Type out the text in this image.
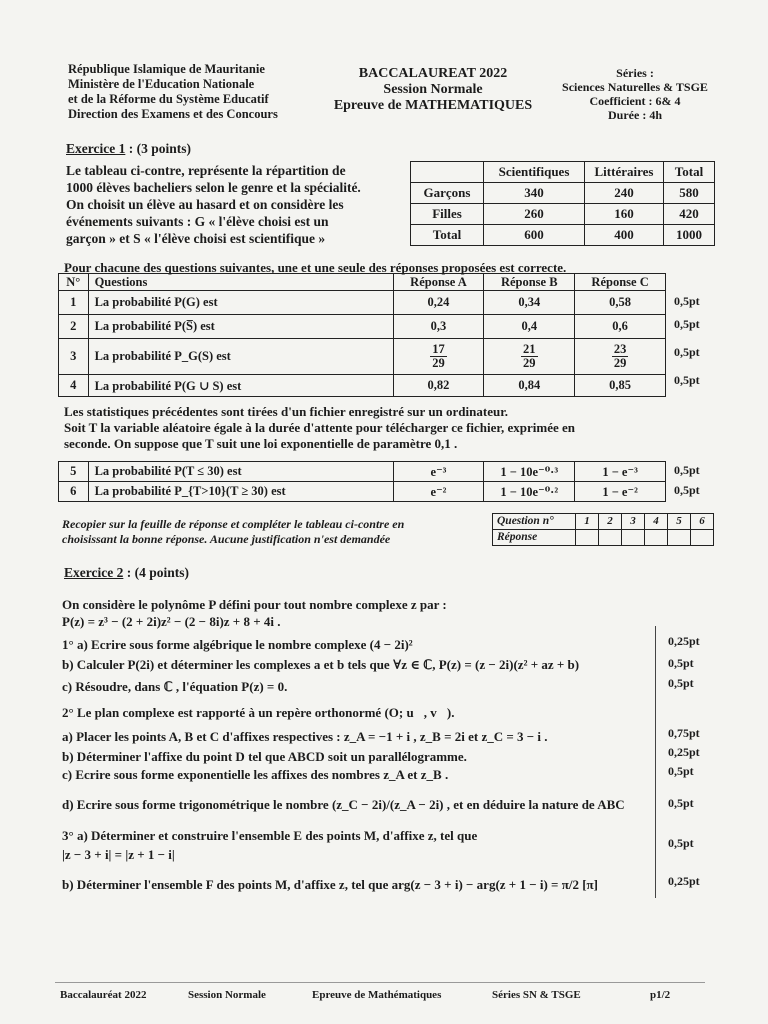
République Islamique de Mauritanie
Ministère de l'Education Nationale
et de la Réforme du Système Educatif
Direction des Examens et des Concours
BACCALAUREAT 2022
Session Normale
Epreuve de MATHEMATIQUES
Séries :
Sciences Naturelles & TSGE
Coefficient : 6& 4
Durée : 4h
Exercice 1 : (3 points)
Le tableau ci-contre, représente la répartition de
1000 élèves bacheliers selon le genre et la spécialité.
On choisit un élève au hasard et on considère les
événements suivants : G « l'élève choisi est un
garçon » et S « l'élève choisi est scientifique »
	Scientifiques	Littéraires	Total
Garçons	340	240	580
Filles	260	160	420
Total	600	400	1000
Pour chacune des questions suivantes, une et une seule des réponses proposées est correcte.
N°	Questions	Réponse A	Réponse B	Réponse C
1	La probabilité P(G) est	0,24	0,34	0,58
2	La probabilité P(S̅) est	0,3	0,4	0,6
3	La probabilité P_G(S) est	$\frac{17}{29}$	$\frac{21}{29}$	$\frac{23}{29}$

4	La probabilité P(G ∪ S) est	0,82	0,84	0,85
0,5pt
0,5pt
0,5pt
0,5pt
Les statistiques précédentes sont tirées d'un fichier enregistré sur un ordinateur.
Soit T la variable aléatoire égale à la durée d'attente pour télécharger ce fichier, exprimée en
seconde. On suppose que T suit une loi exponentielle de paramètre 0,1 .
5	La probabilité P(T ≤ 30) est	e⁻³	1 − 10e⁻⁰·³	1 − e⁻³
6	La probabilité P_{T>10}(T ≥ 30) est	e⁻²	1 − 10e⁻⁰·²	1 − e⁻²
0,5pt
0,5pt
Recopier sur la feuille de réponse et compléter le tableau ci-contre en
choisissant la bonne réponse. Aucune justification n'est demandée
Question n°	1	2	3	4	5	6
Réponse						
Exercice 2 : (4 points)
On considère le polynôme P défini pour tout nombre complexe z par :
P(z) = z³ − (2 + 2i)z² − (2 − 8i)z + 8 + 4i .
1° a) Ecrire sous forme algébrique le nombre complexe (4 − 2i)²
b) Calculer P(2i) et déterminer les complexes a et b tels que ∀z ∈ ℂ, P(z) = (z − 2i)(z² + az + b)
c) Résoudre, dans ℂ , l'équation P(z) = 0.
2° Le plan complexe est rapporté à un repère orthonormé (O; u⃗, v⃗).
a) Placer les points A, B et C d'affixes respectives : z_A = −1 + i , z_B = 2i et z_C = 3 − i .
b) Déterminer l'affixe du point D tel que ABCD soit un parallélogramme.
c) Ecrire sous forme exponentielle les affixes des nombres z_A et z_B .
d) Ecrire sous forme trigonométrique le nombre (z_C − 2i)/(z_A − 2i) , et en déduire la nature de ABC
3° a) Déterminer et construire l'ensemble E des points M, d'affixe z, tel que
|z − 3 + i| = |z + 1 − i|
b) Déterminer l'ensemble F des points M, d'affixe z, tel que arg(z − 3 + i) − arg(z + 1 − i) = π/2 [π]
0,25pt
0,5pt
0,5pt
0,75pt
0,25pt
0,5pt
0,5pt
0,5pt
0,25pt
Baccalauréat 2022	Session Normale	Epreuve de Mathématiques	Séries SN & TSGE	p1/2
